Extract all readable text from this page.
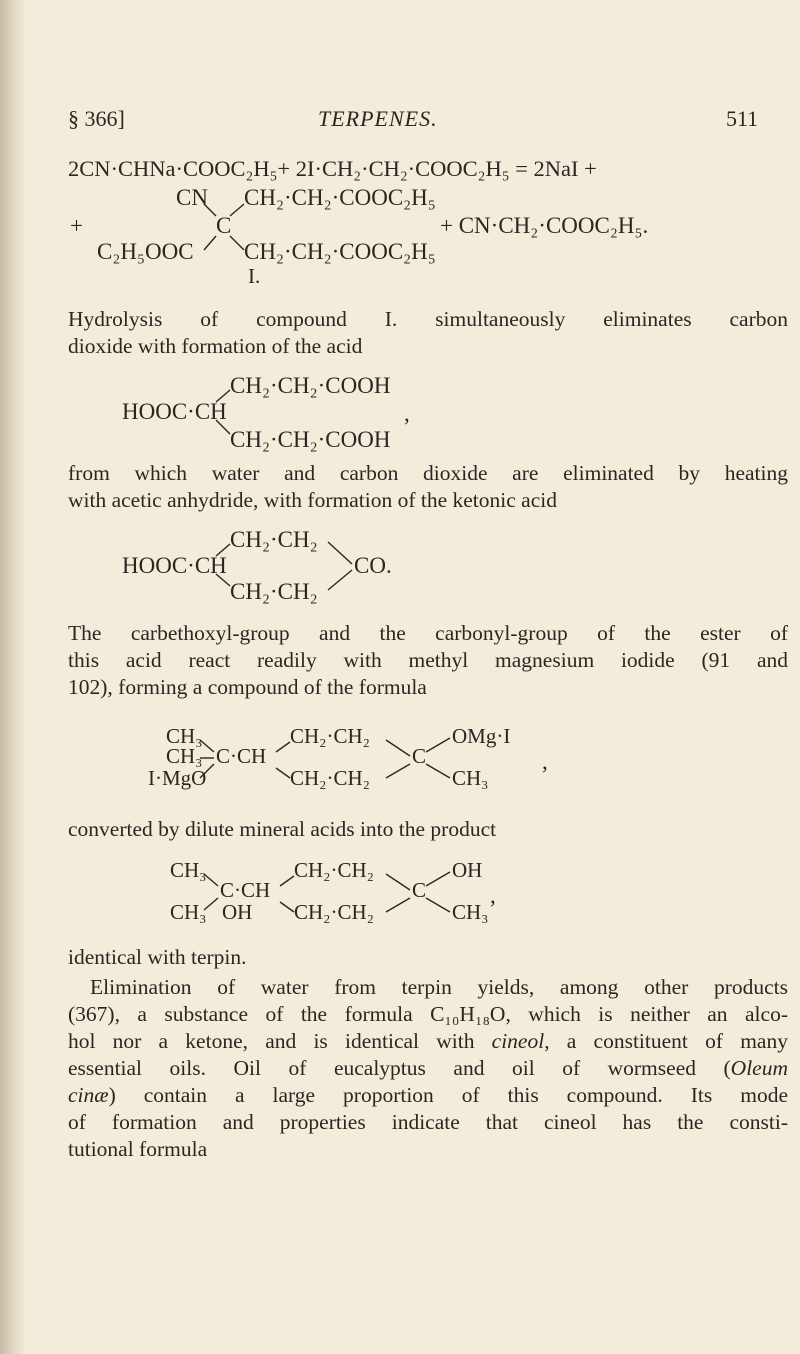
§ 366]	TERPENES.	511
2CN·CHNa·COOC₂H₅+ 2I·CH₂·CH₂·COOC₂H₅ = 2NaI +
+
CN
C₂H₅OOC
C
CH₂·CH₂·COOC₂H₅
CH₂·CH₂·COOC₂H₅
+ CN·CH₂·COOC₂H₅.
I.
Hydrolysis of compound I. simultaneously eliminates carbon
dioxide with formation of the acid
CH₂·CH₂·COOH
HOOC·CH
CH₂·CH₂·COOH
,
from which water and carbon dioxide are eliminated by heating
with acetic anhydride, with formation of the ketonic acid
CH₂·CH₂
HOOC·CH
CH₂·CH₂
CO.
The carbethoxyl-group and the carbonyl-group of the ester of
this acid react readily with methyl magnesium iodide (91 and
102), forming a compound of the formula
CH₃
CH₃
I·MgO
C·CH
CH₂·CH₂
CH₂·CH₂
C
OMg·I
CH₃
,
converted by dilute mineral acids into the product
CH₃
CH₃
C·CH
OH
CH₂·CH₂
CH₂·CH₂
C
OH
CH₃
,
identical with terpin.
Elimination of water from terpin yields, among other products
(367), a substance of the formula C₁₀H₁₈O, which is neither an alco-
hol nor a ketone, and is identical with cineol, a constituent of many
essential oils. Oil of eucalyptus and oil of wormseed (Oleum
cinæ) contain a large proportion of this compound. Its mode
of formation and properties indicate that cineol has the consti-
tutional formula
